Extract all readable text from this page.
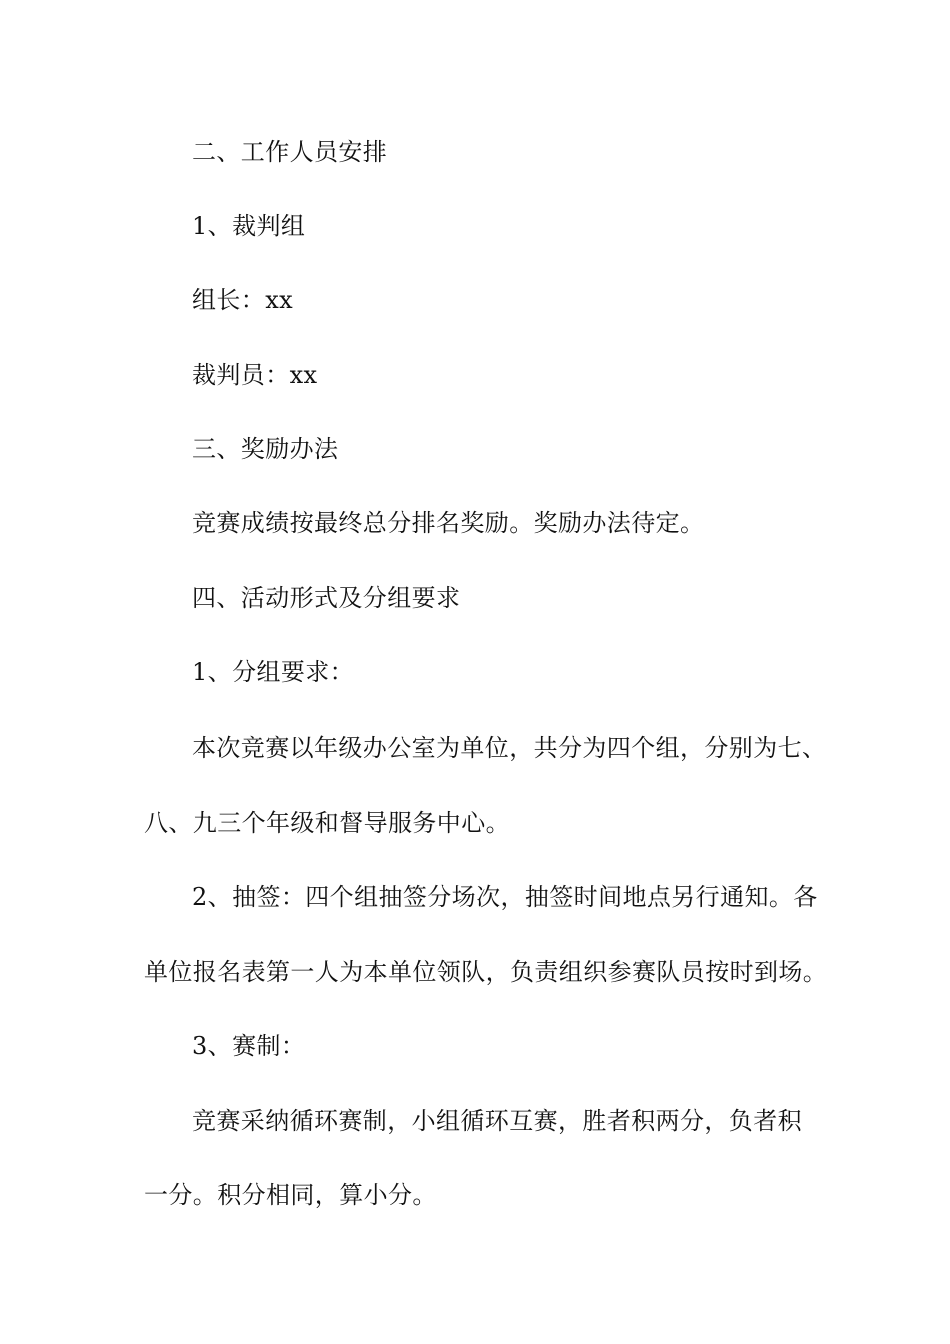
二、工作人员安排
1、裁判组
组长：xx
裁判员：xx
三、奖励办法
竞赛成绩按最终总分排名奖励。奖励办法待定。
四、活动形式及分组要求
1、分组要求：
本次竞赛以年级办公室为单位，共分为四个组，分别为七、
八、九三个年级和督导服务中心。
2、抽签：四个组抽签分场次，抽签时间地点另行通知。各
单位报名表第一人为本单位领队，负责组织参赛队员按时到场。
3、赛制：
竞赛采纳循环赛制，小组循环互赛，胜者积两分，负者积
一分。积分相同，算小分。
